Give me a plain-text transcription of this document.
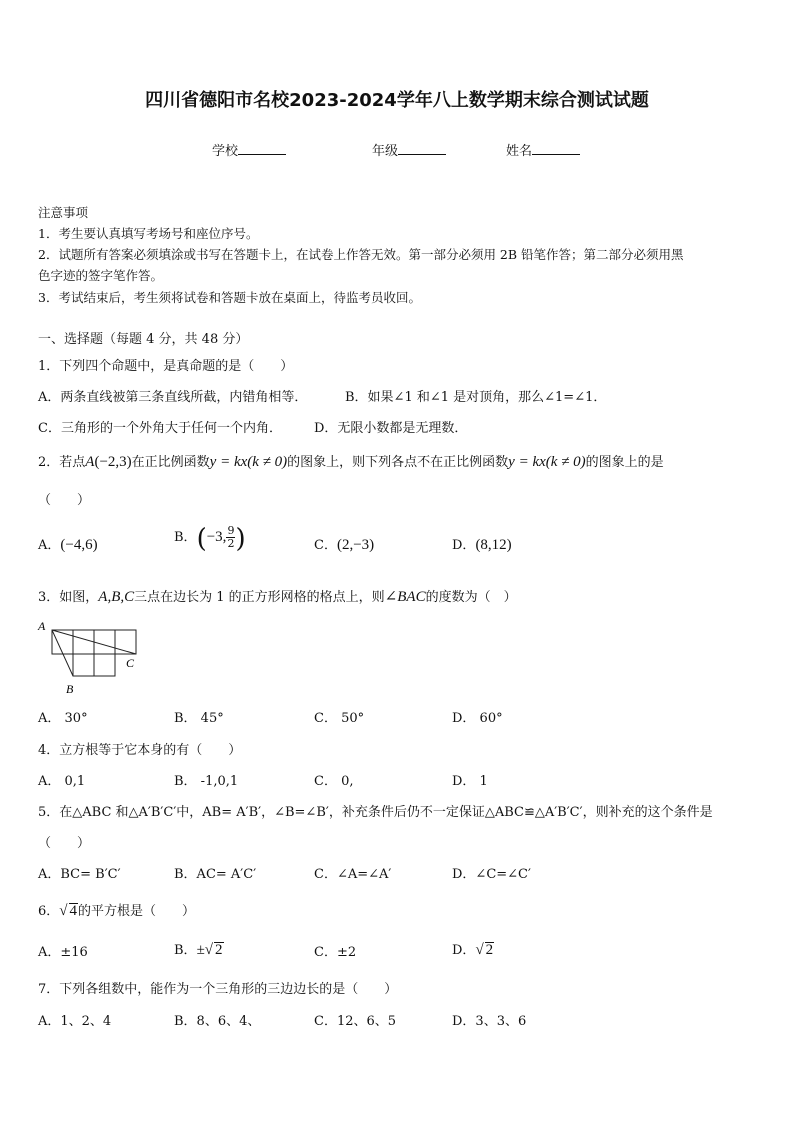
四川省德阳市名校2023-2024学年八上数学期末综合测试试题
学校	年级	姓名
注意事项
1．考生要认真填写考场号和座位序号。
2．试题所有答案必须填涂或书写在答题卡上，在试卷上作答无效。第一部分必须用 2B 铅笔作答；第二部分必须用黑
色字迹的签字笔作答。
3．考试结束后，考生须将试卷和答题卡放在桌面上，待监考员收回。
一、选择题（每题 4 分，共 48 分）
1．下列四个命题中，是真命题的是（　　）
A．两条直线被第三条直线所截，内错角相等．	B．如果∠1 和∠1 是对顶角，那么∠1=∠1．
C．三角形的一个外角大于任何一个内角． D．无限小数都是无理数．
2．若点A(−2,3)在正比例函数y = kx(k ≠ 0)的图象上，则下列各点不在正比例函数y = kx(k ≠ 0)的图象上的是
（　　）
A．(−4,6)	B．(−3, $\frac{9}{2}$ )	C．(2,−3)	D．(8,12)
3．如图，A,B,C三点在边长为 1 的正方形网格的格点上，则∠BAC的度数为（　）
A
B
C
A． 30°	B． 45°	C． 50°	D． 60°
4．立方根等于它本身的有（　　）
A． 0,1	B． -1,0,1	C． 0,	D． 1
5．在△ABC 和△A′B′C′中，AB= A′B′，∠B=∠B′，补充条件后仍不一定保证△ABC≌△A′B′C′，则补充的这个条件是
（　　）
A．BC= B′C′	B．AC= A′C′	C．∠A=∠A′	D．∠C=∠C′
6．√ 4的平方根是（　　）
A．±16	B．±√ 2	C．±2	D．√ 2
7．下列各组数中，能作为一个三角形的三边边长的是（　　）
A．1、2、4	B．8、6、4、	C．12、6、5	D．3、3、6
